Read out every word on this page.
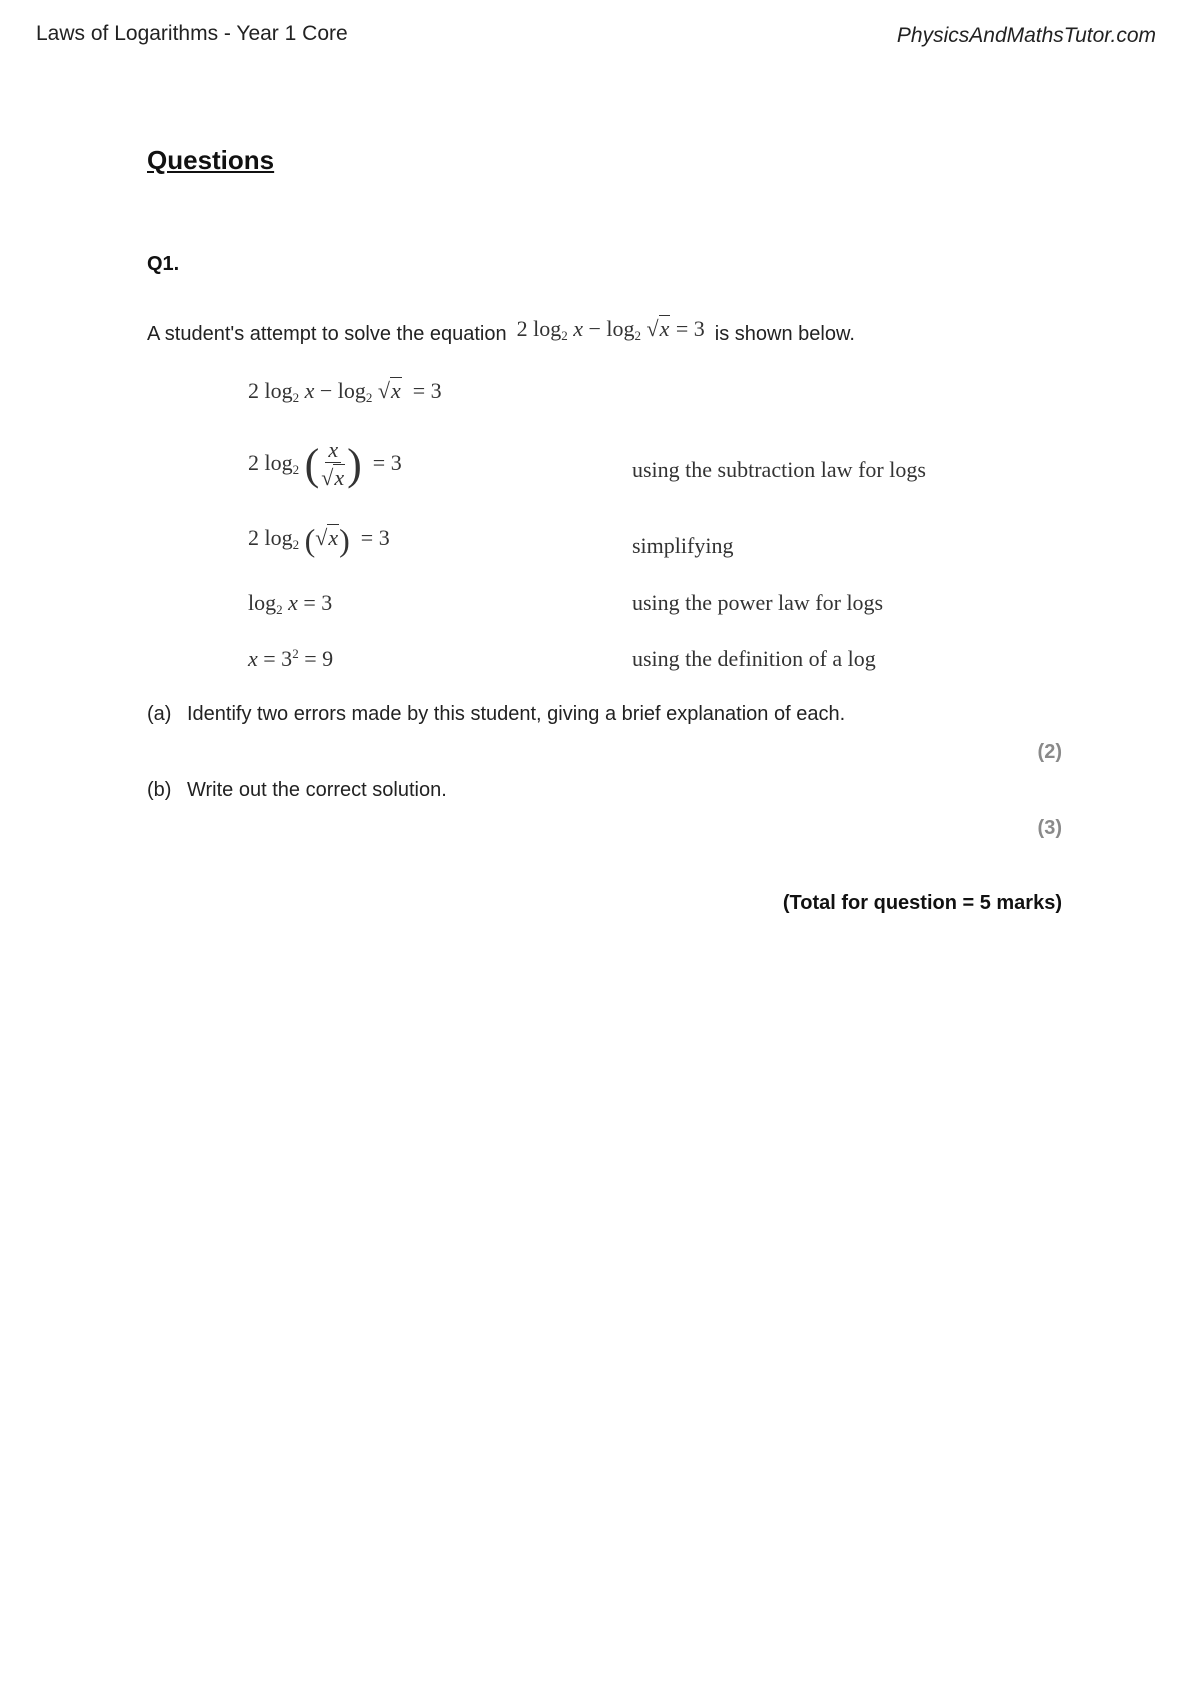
Laws of Logarithms - Year 1 Core	PhysicsAndMathsTutor.com
Questions
Q1.
A student's attempt to solve the equation 2 $\log_2 x - \log_2 √x = 3$ is shown below.
2 $\log_2 x - \log_2 √x = 3$
2 $\log_2$ ( $\frac{x}{√x}$ )  = 3	using the subtraction law for logs
2 $\log_2 (√x) = 3$	simplifying
$\log_2 x = 3$	using the power law for logs
$x = 3^2 = 9$	using the definition of a log
(a) Identify two errors made by this student, giving a brief explanation of each.
(2)
(b) Write out the correct solution.
(3)
(Total for question = 5 marks)
